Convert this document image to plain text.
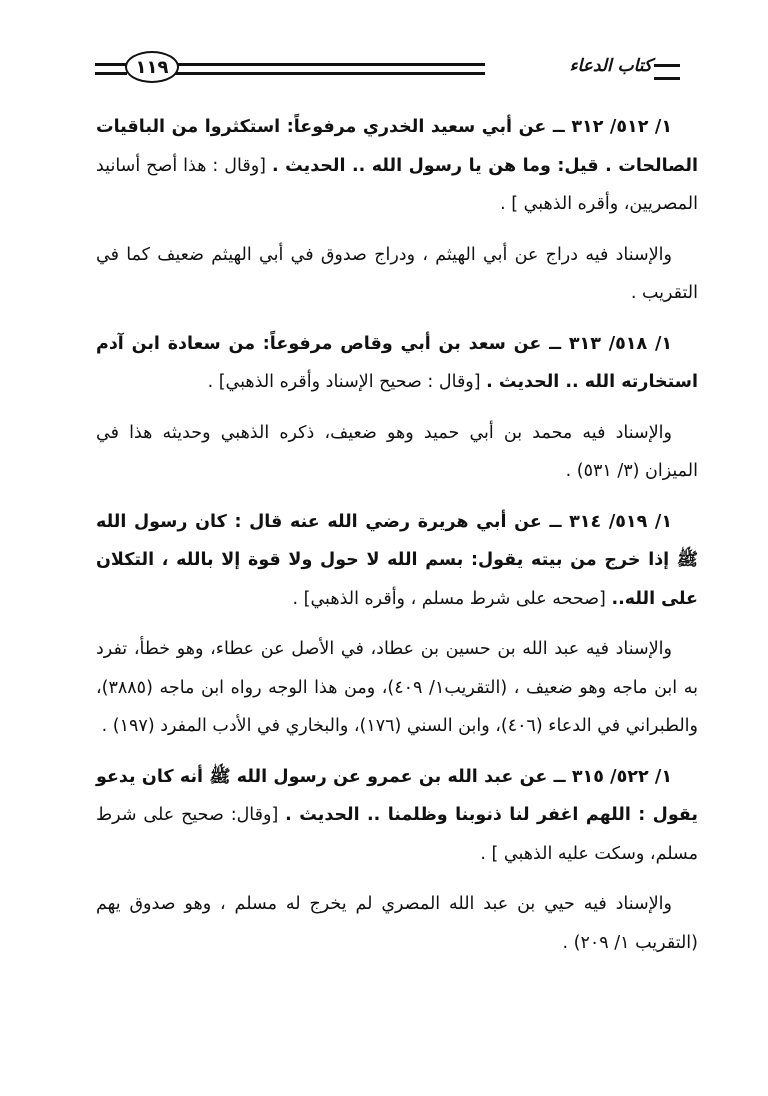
كتاب الدعاء
١١٩

١/ ٥١٢/ ٣١٢ ــ عن أبي سعيد الخدري مرفوعاً: استكثروا من الباقيات الصالحات . قيل: وما هن يا رسول الله .. الحديث . [وقال : هذا أصح أسانيد المصريين، وأقره الذهبي ] .

والإسناد فيه دراج عن أبي الهيثم ، ودراج صدوق في أبي الهيثم ضعيف كما في التقريب .

١/ ٥١٨/ ٣١٣ ــ عن سعد بن أبي وقاص مرفوعاً: من سعادة ابن آدم استخارته الله .. الحديث . [وقال : صحيح الإسناد وأقره الذهبي] .

والإسناد فيه محمد بن أبي حميد وهو ضعيف، ذكره الذهبي وحديثه هذا في الميزان (٣/ ٥٣١) .

١/ ٥١٩/ ٣١٤ ــ عن أبي هريرة رضي الله عنه قال : كان رسول الله ﷺ إذا خرج من بيته يقول: بسم الله لا حول ولا قوة إلا بالله ، التكلان على الله.. [صححه على شرط مسلم ، وأقره الذهبي] .

والإسناد فيه عبد الله بن حسين بن عطاد، في الأصل عن عطاء، وهو خطأ، تفرد به ابن ماجه وهو ضعيف ، (التقريب١/ ٤٠٩)، ومن هذا الوجه رواه ابن ماجه (٣٨٨٥)، والطبراني في الدعاء (٤٠٦)، وابن السني (١٧٦)، والبخاري في الأدب المفرد (١٩٧) .

١/ ٥٢٢/ ٣١٥ ــ عن عبد الله بن عمرو عن رسول الله ﷺ أنه كان يدعو يقول : اللهم اغفر لنا ذنوبنا وظلمنا .. الحديث . [وقال: صحيح على شرط مسلم، وسكت عليه الذهبي ] .

والإسناد فيه حيي بن عبد الله المصري لم يخرج له مسلم ، وهو صدوق يهم (التقريب ١/ ٢٠٩) .
